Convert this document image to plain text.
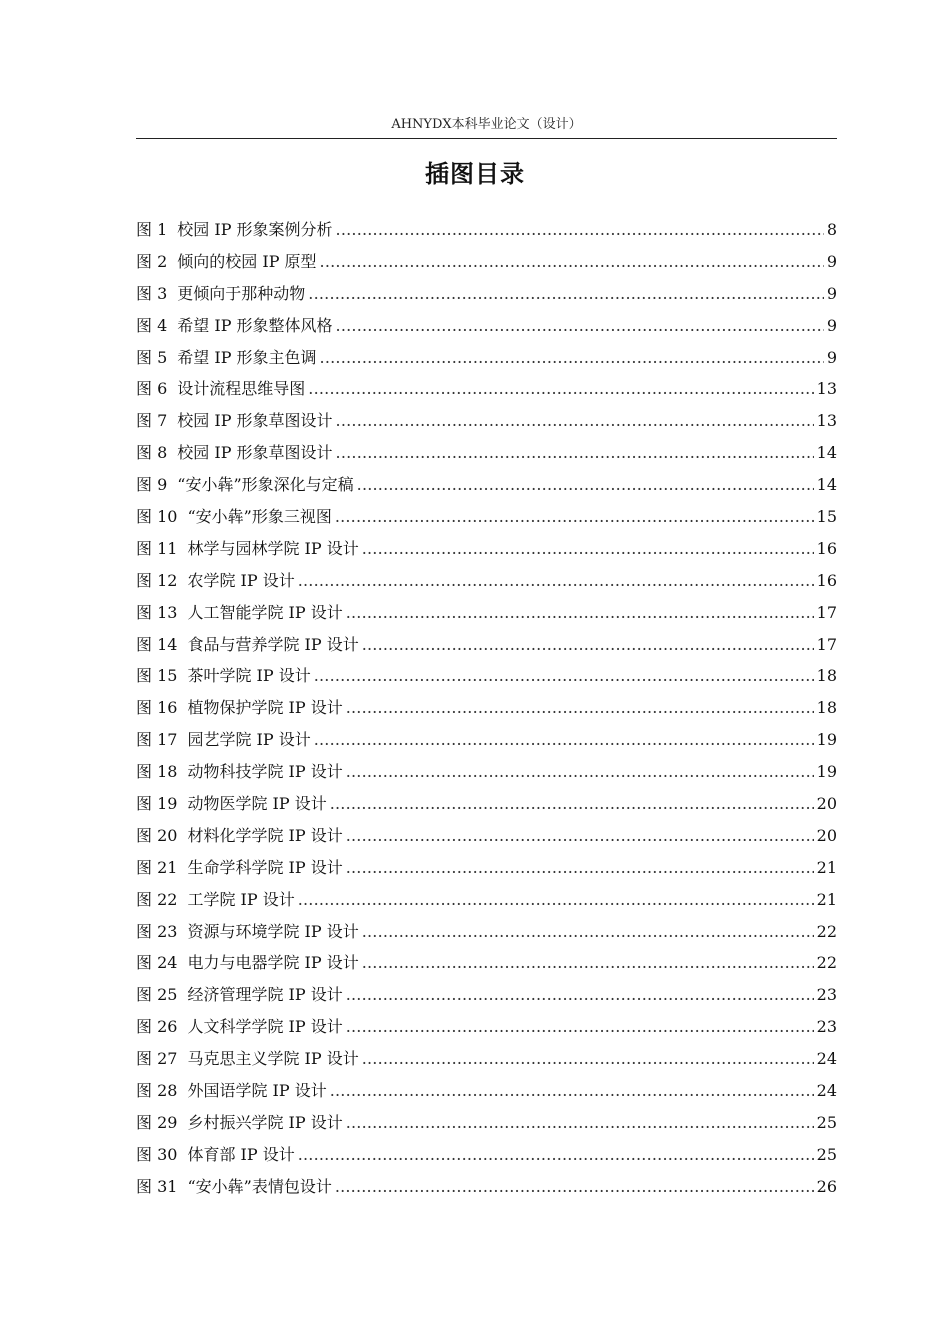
AHNYDX本科毕业论文（设计）
插图目录
图 1 校园 IP 形象案例分析 .....	8
图 2 倾向的校园 IP 原型 .....	9
图 3 更倾向于那种动物 .....	9
图 4 希望 IP 形象整体风格 .....	9
图 5 希望 IP 形象主色调 .....	9
图 6 设计流程思维导图 .....	13
图 7 校园 IP 形象草图设计 .....	13
图 8 校园 IP 形象草图设计 .....	14
图 9 “安小犇”形象深化与定稿 .....	14
图 10 “安小犇”形象三视图 .....	15
图 11 林学与园林学院 IP 设计 .....	16
图 12 农学院 IP 设计 .....	16
图 13 人工智能学院 IP 设计 .....	17
图 14 食品与营养学院 IP 设计 .....	17
图 15 茶叶学院 IP 设计 .....	18
图 16 植物保护学院 IP 设计 .....	18
图 17 园艺学院 IP 设计 .....	19
图 18 动物科技学院 IP 设计 .....	19
图 19 动物医学院 IP 设计 .....	20
图 20 材料化学学院 IP 设计 .....	20
图 21 生命学科学院 IP 设计 .....	21
图 22 工学院 IP 设计 .....	21
图 23 资源与环境学院 IP 设计 .....	22
图 24 电力与电器学院 IP 设计 .....	22
图 25 经济管理学院 IP 设计 .....	23
图 26 人文科学学院 IP 设计 .....	23
图 27 马克思主义学院 IP 设计 .....	24
图 28 外国语学院 IP 设计 .....	24
图 29 乡村振兴学院 IP 设计 .....	25
图 30 体育部 IP 设计 .....	25
图 31 “安小犇”表情包设计 .....	26
